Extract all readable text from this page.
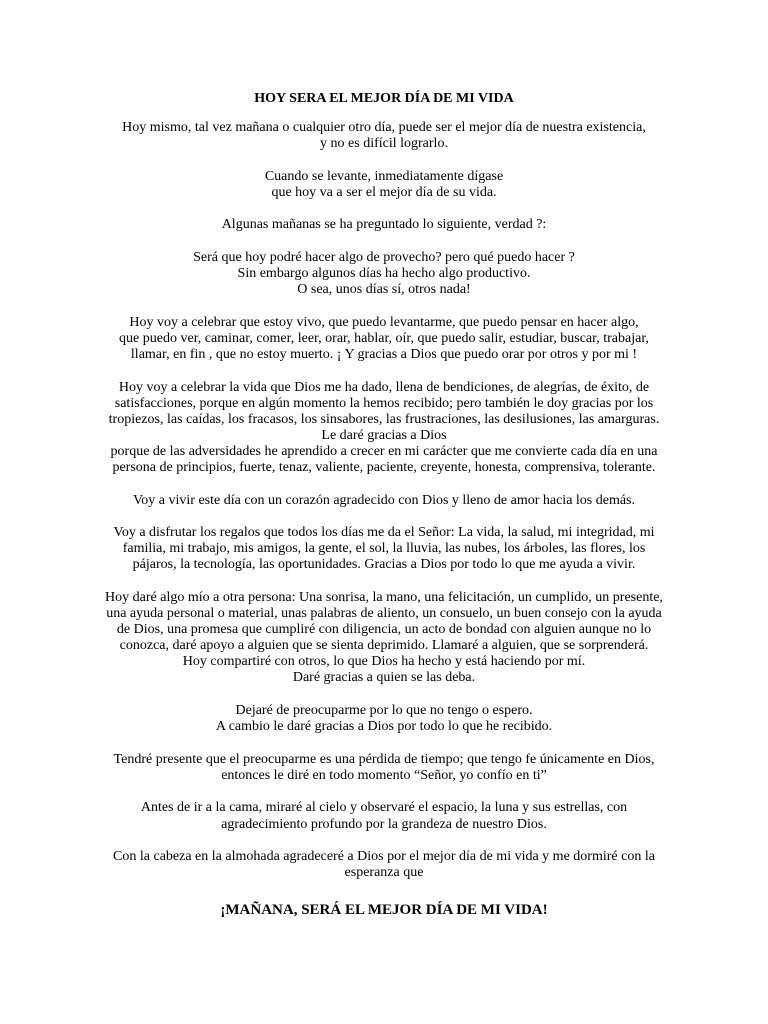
HOY SERA EL MEJOR DÍA DE MI VIDA
Hoy mismo, tal vez mañana o cualquier otro día, puede ser el mejor día de nuestra existencia,
y no es difícil lograrlo.
Cuando se levante, inmediatamente dígase
que hoy va a ser el mejor día de su vida.
Algunas mañanas se ha preguntado lo siguiente, verdad ?:
Será que hoy podré hacer algo de provecho? pero qué puedo hacer ?
Sin embargo algunos días ha hecho algo productivo.
O sea, unos días sí, otros nada!
Hoy voy a celebrar que estoy vivo, que puedo levantarme, que puedo pensar en hacer algo,
que puedo ver, caminar, comer, leer, orar, hablar, oír, que puedo salir, estudiar, buscar, trabajar,
llamar, en fin , que no estoy muerto. ¡ Y gracias a Dios que puedo orar por otros y por mi !
Hoy voy a celebrar la vida que Dios me ha dado, llena de bendiciones, de alegrías, de éxito, de
satisfacciones, porque en algún momento la hemos recibido; pero también le doy gracias por los
tropiezos, las caídas, los fracasos, los sinsabores, las frustraciones, las desilusiones, las amarguras.
Le daré gracias a Dios
porque de las adversidades he aprendido a crecer en mi carácter que me convierte cada día en una
persona de principios, fuerte, tenaz, valiente, paciente, creyente, honesta, comprensiva, tolerante.
Voy a vivir este día con un corazón agradecido con Dios y lleno de amor hacia los demás.
Voy a disfrutar los regalos que todos los días me da el Señor: La vida, la salud, mi integridad, mi
familia, mi trabajo, mis amigos, la gente, el sol, la lluvia, las nubes, los árboles, las flores, los
pájaros, la tecnología, las oportunidades. Gracias a Dios por todo lo que me ayuda a vivir.
Hoy daré algo mío a otra persona: Una sonrisa, la mano, una felicitación, un cumplido, un presente,
una ayuda personal o material, unas palabras de aliento, un consuelo, un buen consejo con la ayuda
de Dios, una promesa que cumpliré con diligencia, un acto de bondad con alguien aunque no lo
conozca, daré apoyo a alguien que se sienta deprimido. Llamaré a alguien, que se sorprenderá.
Hoy compartiré con otros, lo que Dios ha hecho y está haciendo por mí.
Daré gracias a quien se las deba.
Dejaré de preocuparme por lo que no tengo o espero.
A cambio le daré gracias a Dios por todo lo que he recibido.
Tendré presente que el preocuparme es una pérdida de tiempo; que tengo fe únicamente en Dios,
entonces le diré en todo momento “Señor, yo confío en ti”
Antes de ir a la cama, miraré al cielo y observaré el espacio, la luna y sus estrellas, con
agradecimiento profundo por la grandeza de nuestro Dios.
Con la cabeza en la almohada agradeceré a Dios por el mejor día de mi vida y me dormiré con la
esperanza que
¡MAÑANA, SERÁ EL MEJOR DÍA DE MI VIDA!
